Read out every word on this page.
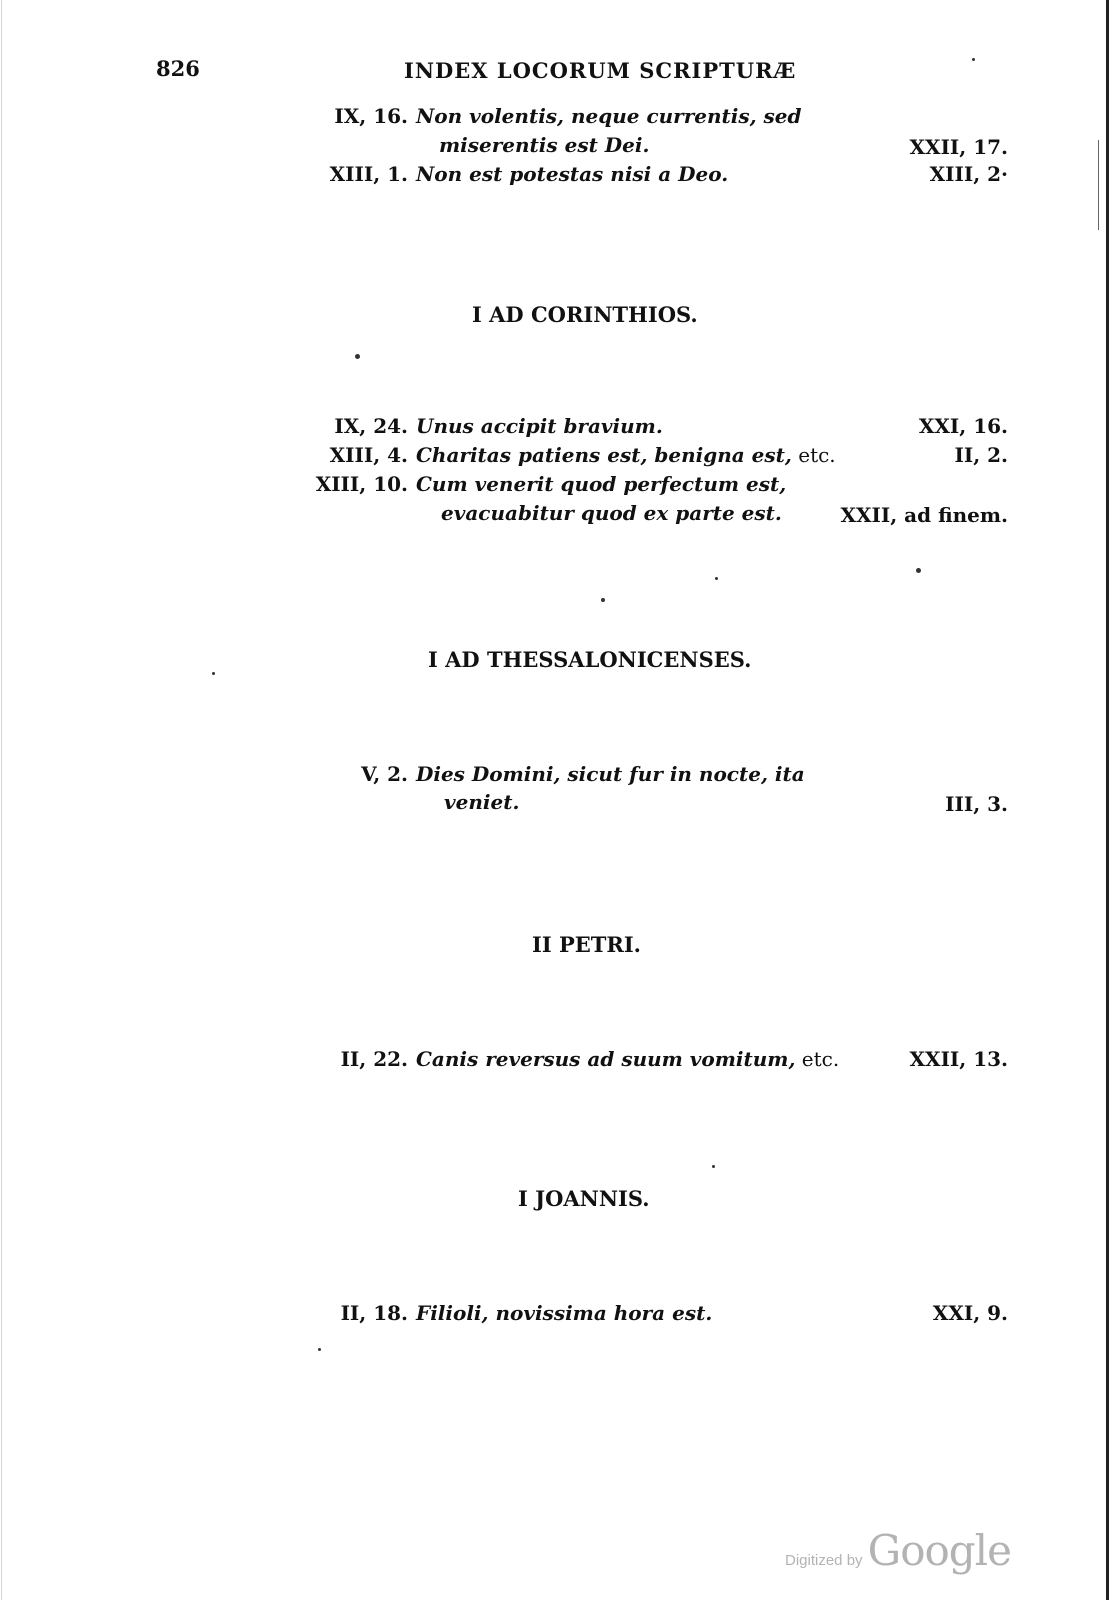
826	INDEX LOCORUM SCRIPTURÆ
IX, 16. Non volentis, neque currentis, sed
miserentis est Dei.	XXII, 17.
XIII, 1. Non est potestas nisi a Deo.	XIII, 2·
I AD CORINTHIOS.
IX, 24. Unus accipit bravium.	XXI, 16.
XIII, 4. Charitas patiens est, benigna est, etc.	II, 2.
XIII, 10. Cum venerit quod perfectum est,
evacuabitur quod ex parte est.	XXII, ad finem.
I AD THESSALONICENSES.
V, 2. Dies Domini, sicut fur in nocte, ita
veniet.	III, 3.
II PETRI.
II, 22. Canis reversus ad suum vomitum, etc.	XXII, 13.
I JOANNIS.
II, 18. Filioli, novissima hora est.	XXI, 9.
Digitized by Google
